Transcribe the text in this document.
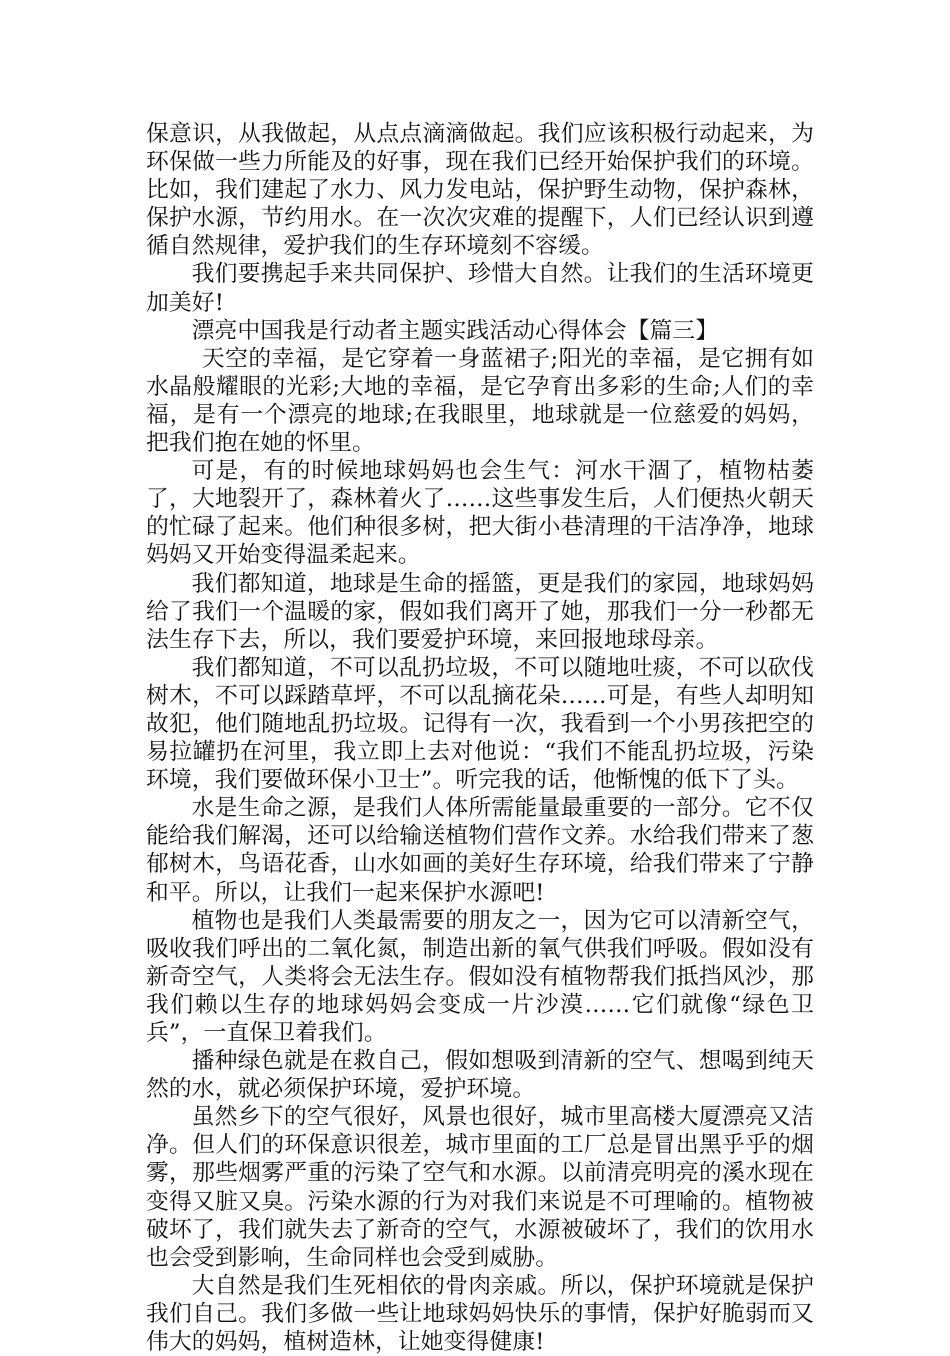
保意识，从我做起，从点点滴滴做起。我们应该积极行动起来，为环保做一些力所能及的好事，现在我们已经开始保护我们的环境。比如，我们建起了水力、风力发电站，保护野生动物，保护森林，保护水源，节约用水。在一次次灾难的提醒下，人们已经认识到遵循自然规律，爱护我们的生存环境刻不容缓。

我们要携起手来共同保护、珍惜大自然。让我们的生活环境更加美好!

漂亮中国我是行动者主题实践活动心得体会【篇三】

天空的幸福，是它穿着一身蓝裙子;阳光的幸福，是它拥有如水晶般耀眼的光彩;大地的幸福，是它孕育出多彩的生命;人们的幸福，是有一个漂亮的地球;在我眼里，地球就是一位慈爱的妈妈，把我们抱在她的怀里。

可是，有的时候地球妈妈也会生气：河水干涸了，植物枯萎了，大地裂开了，森林着火了……这些事发生后，人们便热火朝天的忙碌了起来。他们种很多树，把大街小巷清理的干洁净净，地球妈妈又开始变得温柔起来。

我们都知道，地球是生命的摇篮，更是我们的家园，地球妈妈给了我们一个温暖的家，假如我们离开了她，那我们一分一秒都无法生存下去，所以，我们要爱护环境，来回报地球母亲。

我们都知道，不可以乱扔垃圾，不可以随地吐痰，不可以砍伐树木，不可以踩踏草坪，不可以乱摘花朵……可是，有些人却明知故犯，他们随地乱扔垃圾。记得有一次，我看到一个小男孩把空的易拉罐扔在河里，我立即上去对他说：“我们不能乱扔垃圾，污染环境，我们要做环保小卫士”。听完我的话，他惭愧的低下了头。

水是生命之源，是我们人体所需能量最重要的一部分。它不仅能给我们解渴，还可以给输送植物们营作文养。水给我们带来了葱郁树木，鸟语花香，山水如画的美好生存环境，给我们带来了宁静和平。所以，让我们一起来保护水源吧!

植物也是我们人类最需要的朋友之一，因为它可以清新空气，吸收我们呼出的二氧化氮，制造出新的氧气供我们呼吸。假如没有新奇空气，人类将会无法生存。假如没有植物帮我们抵挡风沙，那我们赖以生存的地球妈妈会变成一片沙漠……它们就像“绿色卫兵”，一直保卫着我们。

播种绿色就是在救自己，假如想吸到清新的空气、想喝到纯天然的水，就必须保护环境，爱护环境。

虽然乡下的空气很好，风景也很好，城市里高楼大厦漂亮又洁净。但人们的环保意识很差，城市里面的工厂总是冒出黑乎乎的烟雾，那些烟雾严重的污染了空气和水源。以前清亮明亮的溪水现在变得又脏又臭。污染水源的行为对我们来说是不可理喻的。植物被破坏了，我们就失去了新奇的空气，水源被破坏了，我们的饮用水也会受到影响，生命同样也会受到威胁。

大自然是我们生死相依的骨肉亲戚。所以，保护环境就是保护我们自己。我们多做一些让地球妈妈快乐的事情，保护好脆弱而又伟大的妈妈，植树造林，让她变得健康!
